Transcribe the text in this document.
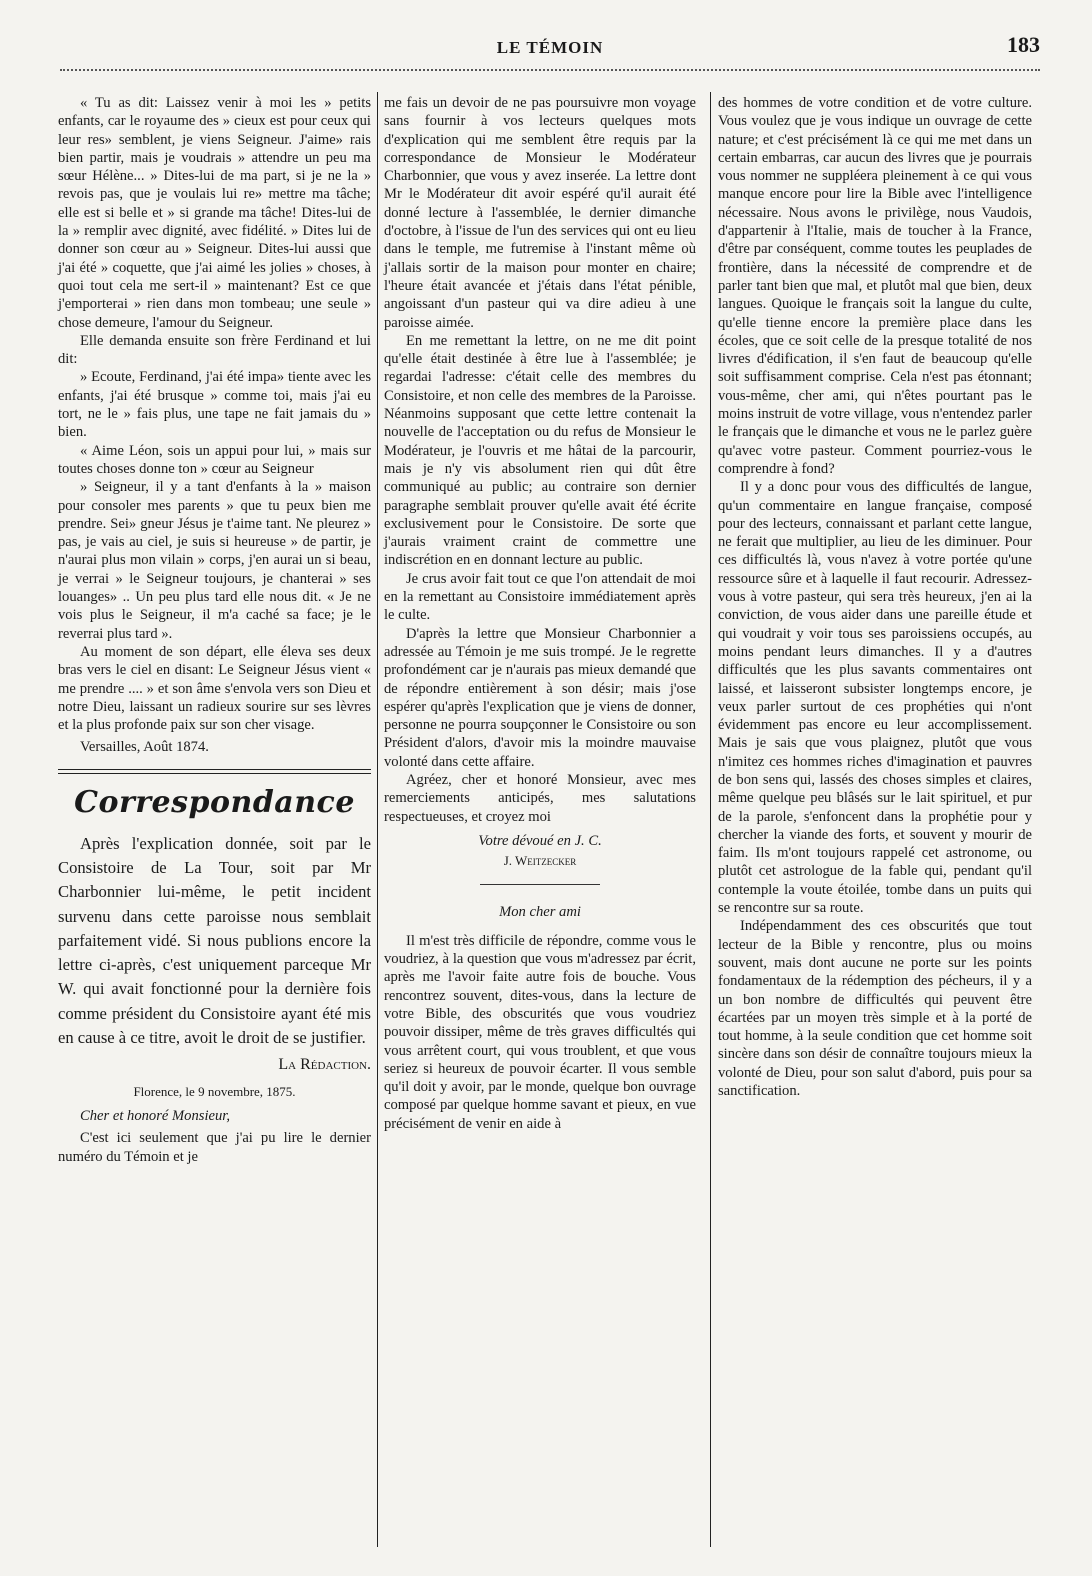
LE TÉMOIN	183

« Tu as dit: Laissez venir à moi les » petits enfants, car le royaume des » cieux est pour ceux qui leur res» semblent, je viens Seigneur. J'aime» rais bien partir, mais je voudrais » attendre un peu ma sœur Hélène... » Dites-lui de ma part, si je ne la » revois pas, que je voulais lui re» mettre ma tâche; elle est si belle et » si grande ma tâche! Dites-lui de la » remplir avec dignité, avec fidélité. » Dites lui de donner son cœur au » Seigneur. Dites-lui aussi que j'ai été » coquette, que j'ai aimé les jolies » choses, à quoi tout cela me sert-il » maintenant? Est ce que j'emporterai » rien dans mon tombeau; une seule » chose demeure, l'amour du Seigneur.

Elle demanda ensuite son frère Ferdinand et lui dit:

» Ecoute, Ferdinand, j'ai été impa» tiente avec les enfants, j'ai été brusque » comme toi, mais j'ai eu tort, ne le » fais plus, une tape ne fait jamais du » bien.

« Aime Léon, sois un appui pour lui, » mais sur toutes choses donne ton » cœur au Seigneur

» Seigneur, il y a tant d'enfants à la » maison pour consoler mes parents » que tu peux bien me prendre. Sei» gneur Jésus je t'aime tant. Ne pleurez » pas, je vais au ciel, je suis si heureuse » de partir, je n'aurai plus mon vilain » corps, j'en aurai un si beau, je verrai » le Seigneur toujours, je chanterai » ses louanges» .. Un peu plus tard elle nous dit. « Je ne vois plus le Seigneur, il m'a caché sa face; je le reverrai plus tard ».

Au moment de son départ, elle éleva ses deux bras vers le ciel en disant: Le Seigneur Jésus vient « me prendre .... » et son âme s'envola vers son Dieu et notre Dieu, laissant un radieux sourire sur ses lèvres et la plus profonde paix sur son cher visage.

Versailles, Août 1874.

Correspondance

Après l'explication donnée, soit par le Consistoire de La Tour, soit par Mr Charbonnier lui-même, le petit incident survenu dans cette paroisse nous semblait parfaitement vidé. Si nous publions encore la lettre ci-après, c'est uniquement parceque Mr W. qui avait fonctionné pour la dernière fois comme président du Consistoire ayant été mis en cause à ce titre, avoit le droit de se justifier.

La Rédaction.

Florence, le 9 novembre, 1875.

Cher et honoré Monsieur,

C'est ici seulement que j'ai pu lire le dernier numéro du Témoin et je

me fais un devoir de ne pas poursuivre mon voyage sans fournir à vos lecteurs quelques mots d'explication qui me semblent être requis par la correspondance de Monsieur le Modérateur Charbonnier, que vous y avez inserée. La lettre dont Mr le Modérateur dit avoir espéré qu'il aurait été donné lecture à l'assemblée, le dernier dimanche d'octobre, à l'issue de l'un des services qui ont eu lieu dans le temple, me futremise à l'instant même où j'allais sortir de la maison pour monter en chaire; l'heure était avancée et j'étais dans l'état pénible, angoissant d'un pasteur qui va dire adieu à une paroisse aimée.

En me remettant la lettre, on ne me dit point qu'elle était destinée à être lue à l'assemblée; je regardai l'adresse: c'était celle des membres du Consistoire, et non celle des membres de la Paroisse. Néanmoins supposant que cette lettre contenait la nouvelle de l'acceptation ou du refus de Monsieur le Modérateur, je l'ouvris et me hâtai de la parcourir, mais je n'y vis absolument rien qui dût être communiqué au public; au contraire son dernier paragraphe semblait prouver qu'elle avait été écrite exclusivement pour le Consistoire. De sorte que j'aurais vraiment craint de commettre une indiscrétion en en donnant lecture au public.

Je crus avoir fait tout ce que l'on attendait de moi en la remettant au Consistoire immédiatement après le culte.

D'après la lettre que Monsieur Charbonnier a adressée au Témoin je me suis trompé. Je le regrette profondément car je n'aurais pas mieux demandé que de répondre entièrement à son désir; mais j'ose espérer qu'après l'explication que je viens de donner, personne ne pourra soupçonner le Consistoire ou son Président d'alors, d'avoir mis la moindre mauvaise volonté dans cette affaire.

Agréez, cher et honoré Monsieur, avec mes remerciements anticipés, mes salutations respectueuses, et croyez moi

Votre dévoué en J. C.

J. Weitzecker

Mon cher ami

Il m'est très difficile de répondre, comme vous le voudriez, à la question que vous m'adressez par écrit, après me l'avoir faite autre fois de bouche. Vous rencontrez souvent, dites-vous, dans la lecture de votre Bible, des obscurités que vous voudriez pouvoir dissiper, même de très graves difficultés qui vous arrêtent court, qui vous troublent, et que vous seriez si heureux de pouvoir écarter. Il vous semble qu'il doit y avoir, par le monde, quelque bon ouvrage composé par quelque homme savant et pieux, en vue précisément de venir en aide à

des hommes de votre condition et de votre culture. Vous voulez que je vous indique un ouvrage de cette nature; et c'est précisément là ce qui me met dans un certain embarras, car aucun des livres que je pourrais vous nommer ne suppléera pleinement à ce qui vous manque encore pour lire la Bible avec l'intelligence nécessaire. Nous avons le privilège, nous Vaudois, d'appartenir à l'Italie, mais de toucher à la France, d'être par conséquent, comme toutes les peuplades de frontière, dans la nécessité de comprendre et de parler tant bien que mal, et plutôt mal que bien, deux langues. Quoique le français soit la langue du culte, qu'elle tienne encore la première place dans les écoles, que ce soit celle de la presque totalité de nos livres d'édification, il s'en faut de beaucoup qu'elle soit suffisamment comprise. Cela n'est pas étonnant; vous-même, cher ami, qui n'êtes pourtant pas le moins instruit de votre village, vous n'entendez parler le français que le dimanche et vous ne le parlez guère qu'avec votre pasteur. Comment pourriez-vous le comprendre à fond?

Il y a donc pour vous des difficultés de langue, qu'un commentaire en langue française, composé pour des lecteurs, connaissant et parlant cette langue, ne ferait que multiplier, au lieu de les diminuer. Pour ces difficultés là, vous n'avez à votre portée qu'une ressource sûre et à laquelle il faut recourir. Adressez-vous à votre pasteur, qui sera très heureux, j'en ai la conviction, de vous aider dans une pareille étude et qui voudrait y voir tous ses paroissiens occupés, au moins pendant leurs dimanches. Il y a d'autres difficultés que les plus savants commentaires ont laissé, et laisseront subsister longtemps encore, je veux parler surtout de ces prophéties qui n'ont évidemment pas encore eu leur accomplissement. Mais je sais que vous plaignez, plutôt que vous n'imitez ces hommes riches d'imagination et pauvres de bon sens qui, lassés des choses simples et claires, même quelque peu blâsés sur le lait spirituel, et pur de la parole, s'enfoncent dans la prophétie pour y chercher la viande des forts, et souvent y mourir de faim. Ils m'ont toujours rappelé cet astronome, ou plutôt cet astrologue de la fable qui, pendant qu'il contemple la voute étoilée, tombe dans un puits qui se rencontre sur sa route.

Indépendamment des ces obscurités que tout lecteur de la Bible y rencontre, plus ou moins souvent, mais dont aucune ne porte sur les points fondamentaux de la rédemption des pécheurs, il y a un bon nombre de difficultés qui peuvent être écartées par un moyen très simple et à la porté de tout homme, à la seule condition que cet homme soit sincère dans son désir de connaître toujours mieux la volonté de Dieu, pour son salut d'abord, puis pour sa sanctification.
